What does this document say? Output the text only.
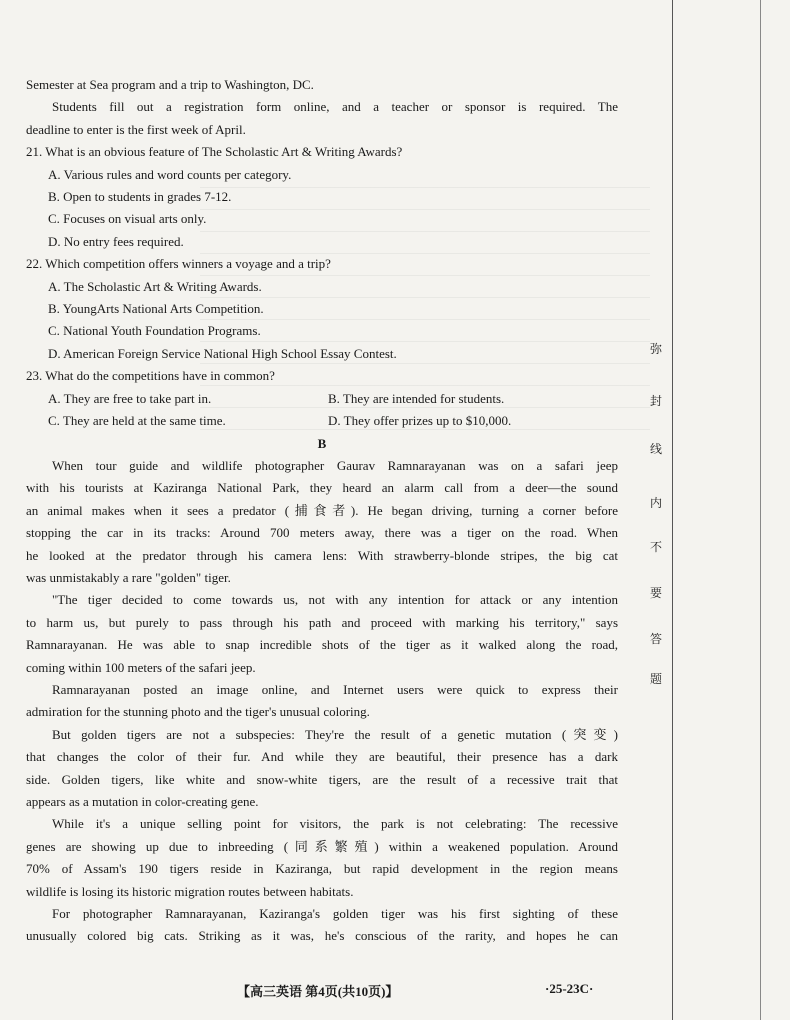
弥
封
线
内
不
要
答
题
Semester at Sea program and a trip to Washington, DC.
Students fill out a registration form online, and a teacher or sponsor is required. The
deadline to enter is the first week of April.
21. What is an obvious feature of The Scholastic Art & Writing Awards?
A. Various rules and word counts per category.
B. Open to students in grades 7-12.
C. Focuses on visual arts only.
D. No entry fees required.
22. Which competition offers winners a voyage and a trip?
A. The Scholastic Art & Writing Awards.
B. YoungArts National Arts Competition.
C. National Youth Foundation Programs.
D. American Foreign Service National High School Essay Contest.
23. What do the competitions have in common?
A. They are free to take part in.	B. They are intended for students.
C. They are held at the same time.	D. They offer prizes up to $10,000.
B
When tour guide and wildlife photographer Gaurav Ramnarayanan was on a safari jeep
with his tourists at Kaziranga National Park, they heard an alarm call from a deer—the sound
an animal makes when it sees a predator (捕食者). He began driving, turning a corner before
stopping the car in its tracks: Around 700 meters away, there was a tiger on the road. When
he looked at the predator through his camera lens: With strawberry-blonde stripes, the big cat
was unmistakably a rare "golden" tiger.
"The tiger decided to come towards us, not with any intention for attack or any intention
to harm us, but purely to pass through his path and proceed with marking his territory," says
Ramnarayanan. He was able to snap incredible shots of the tiger as it walked along the road,
coming within 100 meters of the safari jeep.
Ramnarayanan posted an image online, and Internet users were quick to express their
admiration for the stunning photo and the tiger's unusual coloring.
But golden tigers are not a subspecies: They're the result of a genetic mutation (突变)
that changes the color of their fur. And while they are beautiful, their presence has a dark
side. Golden tigers, like white and snow-white tigers, are the result of a recessive trait that
appears as a mutation in color-creating gene.
While it's a unique selling point for visitors, the park is not celebrating: The recessive
genes are showing up due to inbreeding (同系繁殖) within a weakened population. Around
70% of Assam's 190 tigers reside in Kaziranga, but rapid development in the region means
wildlife is losing its historic migration routes between habitats.
For photographer Ramnarayanan, Kaziranga's golden tiger was his first sighting of these
unusually colored big cats. Striking as it was, he's conscious of the rarity, and hopes he can
【高三英语 第4页(共10页)】	·25-23C·
